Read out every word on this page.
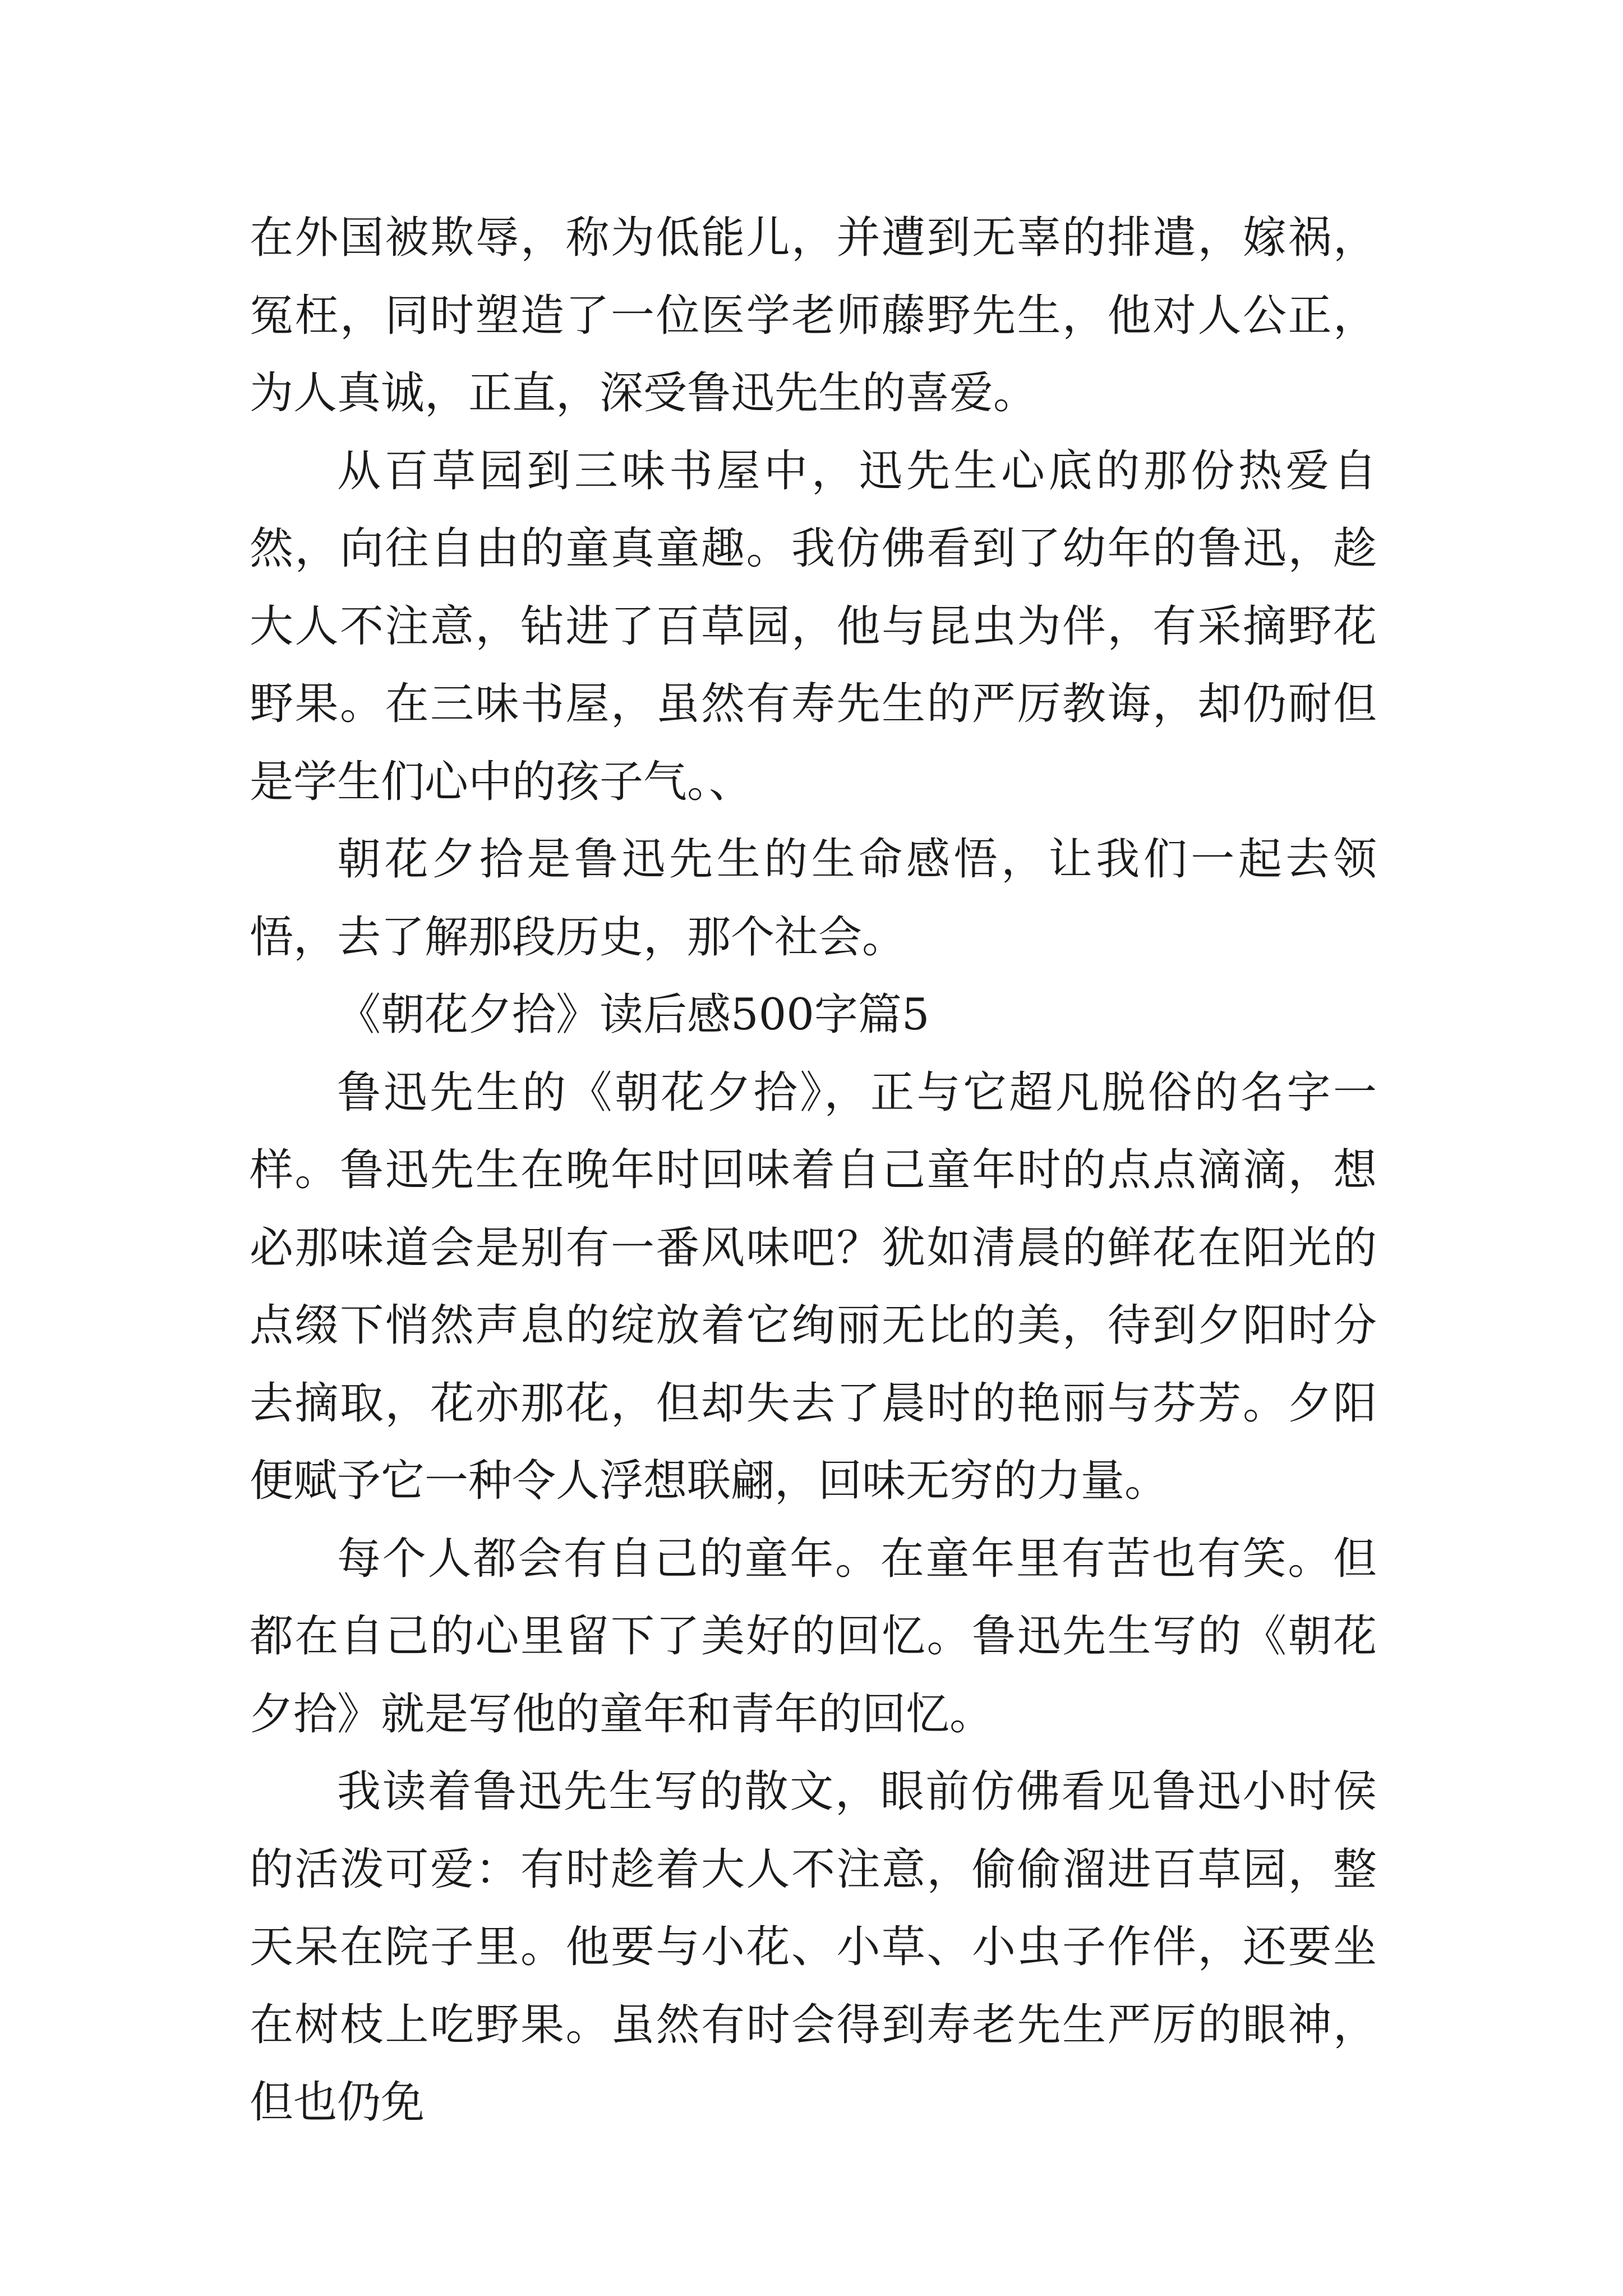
在外国被欺辱，称为低能儿，并遭到无辜的排遣，嫁祸，冤枉，同时塑造了一位医学老师藤野先生，他对人公正，为人真诚，正直，深受鲁迅先生的喜爱。

从百草园到三味书屋中，迅先生心底的那份热爱自然，向往自由的童真童趣。我仿佛看到了幼年的鲁迅，趁大人不注意，钻进了百草园，他与昆虫为伴，有采摘野花野果。在三味书屋，虽然有寿先生的严厉教诲，却仍耐但是学生们心中的孩子气。、

朝花夕拾是鲁迅先生的生命感悟，让我们一起去领悟，去了解那段历史，那个社会。

《朝花夕拾》读后感500字篇5

鲁迅先生的《朝花夕拾》，正与它超凡脱俗的名字一样。鲁迅先生在晚年时回味着自己童年时的点点滴滴，想必那味道会是别有一番风味吧？犹如清晨的鲜花在阳光的点缀下悄然声息的绽放着它绚丽无比的美，待到夕阳时分去摘取，花亦那花，但却失去了晨时的艳丽与芬芳。夕阳便赋予它一种令人浮想联翩，回味无穷的力量。

每个人都会有自己的童年。在童年里有苦也有笑。但都在自己的心里留下了美好的回忆。鲁迅先生写的《朝花夕拾》就是写他的童年和青年的回忆。

我读着鲁迅先生写的散文，眼前仿佛看见鲁迅小时侯的活泼可爱：有时趁着大人不注意，偷偷溜进百草园，整天呆在院子里。他要与小花、小草、小虫子作伴，还要坐在树枝上吃野果。虽然有时会得到寿老先生严厉的眼神，但也仍免
